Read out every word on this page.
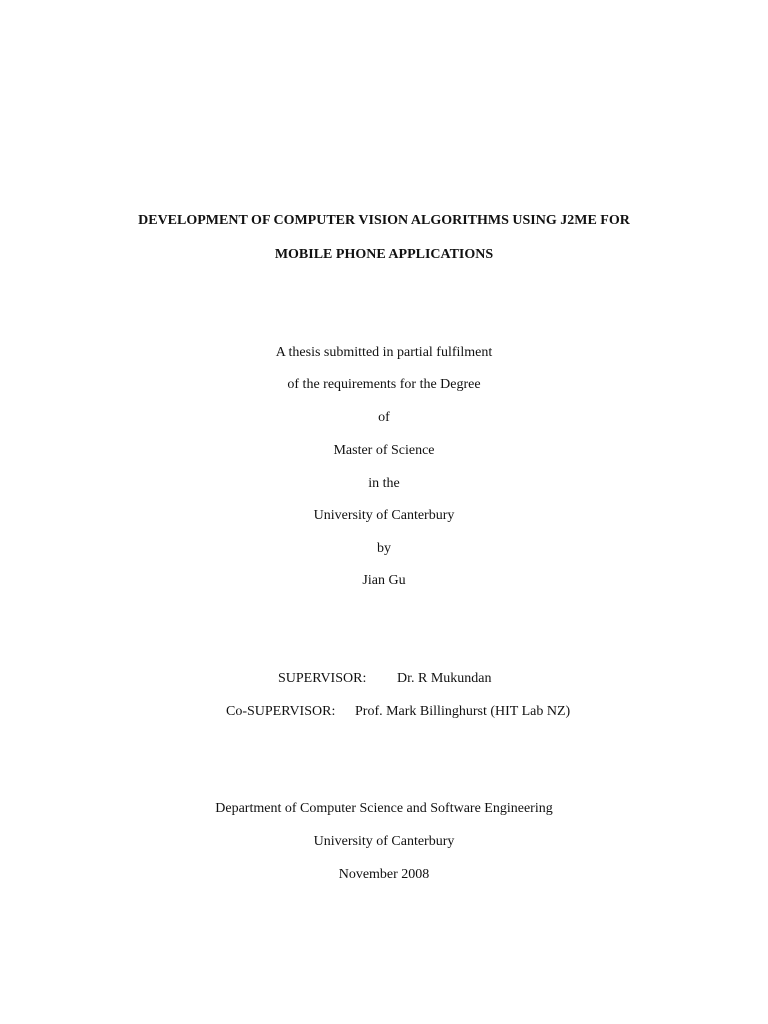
DEVELOPMENT OF COMPUTER VISION ALGORITHMS USING J2ME FOR
MOBILE PHONE APPLICATIONS
A thesis submitted in partial fulfilment
of the requirements for the Degree
of
Master of Science
in the
University of Canterbury
by
Jian Gu
SUPERVISOR: Dr. R Mukundan
Co-SUPERVISOR: Prof. Mark Billinghurst (HIT Lab NZ)
Department of Computer Science and Software Engineering
University of Canterbury
November 2008
